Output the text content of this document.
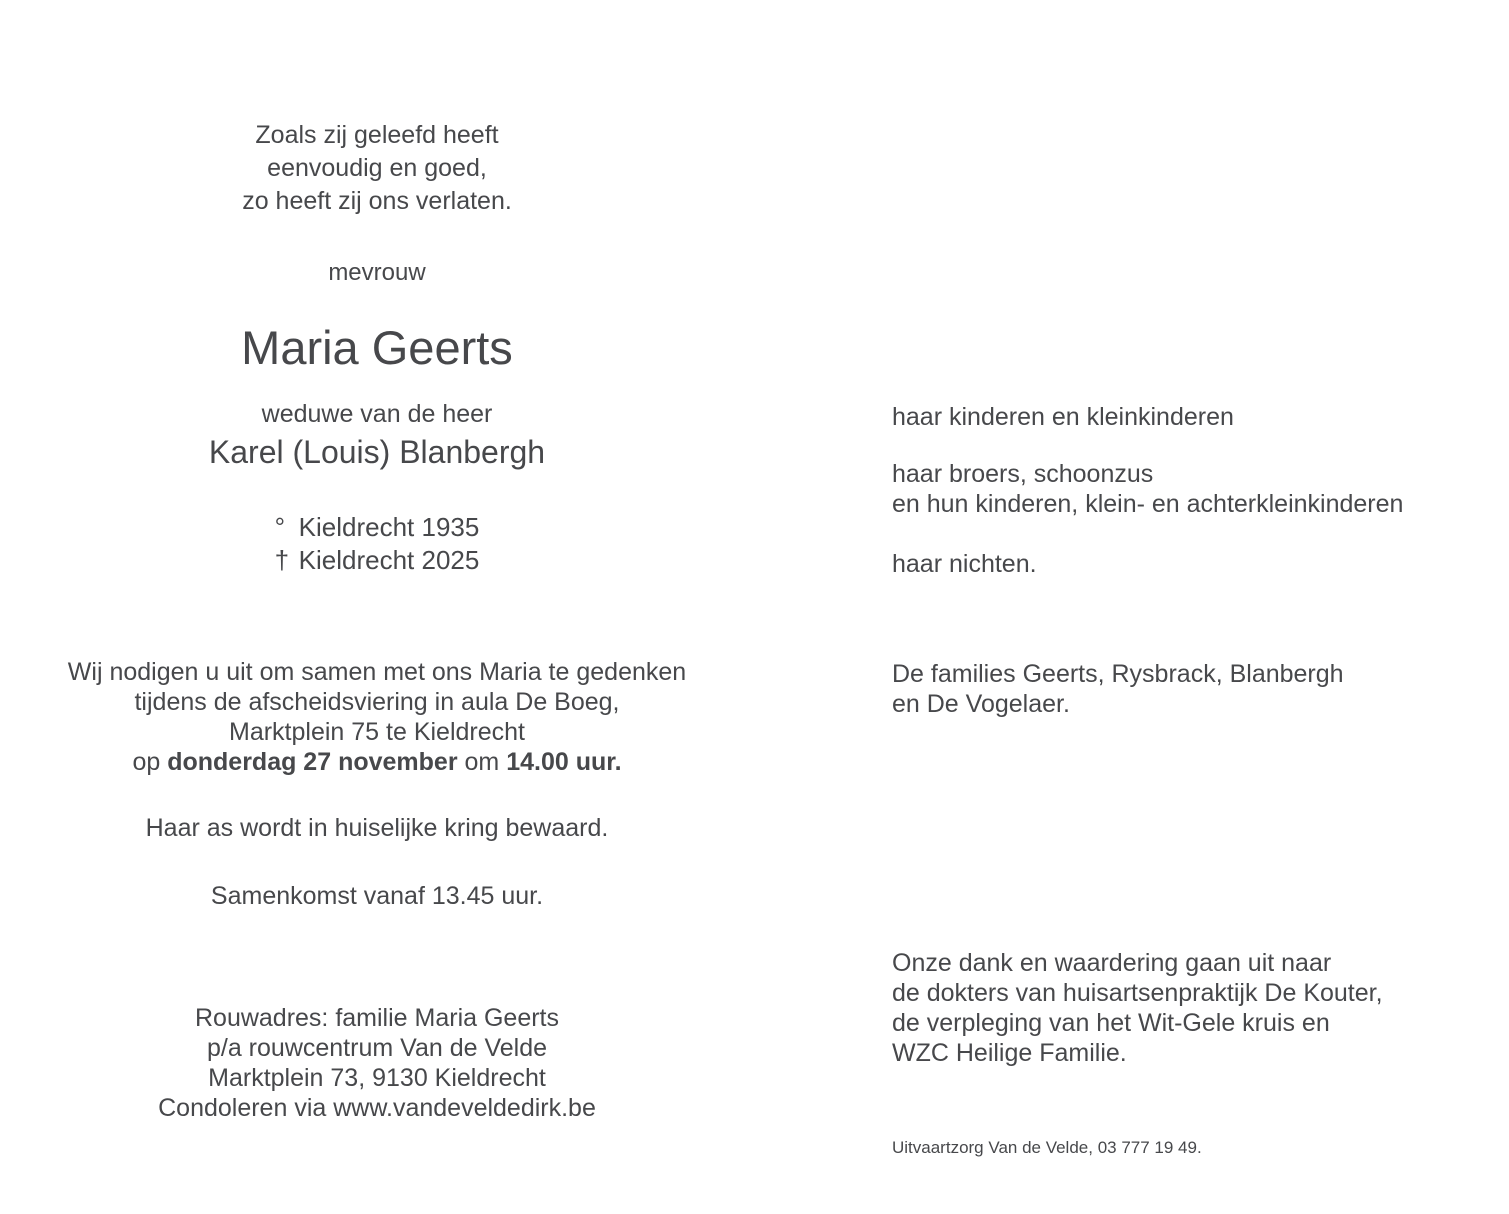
Zoals zij geleefd heeft
eenvoudig en goed,
zo heeft zij ons verlaten.
mevrouw
Maria Geerts
weduwe van de heer
Karel (Louis) Blanbergh
° Kieldrecht 1935
† Kieldrecht 2025
Wij nodigen u uit om samen met ons Maria te gedenken
tijdens de afscheidsviering in aula De Boeg,
Marktplein 75 te Kieldrecht
op donderdag 27 november om 14.00 uur.
Haar as wordt in huiselijke kring bewaard.
Samenkomst vanaf 13.45 uur.
Rouwadres: familie Maria Geerts
p/a rouwcentrum Van de Velde
Marktplein 73, 9130 Kieldrecht
Condoleren via www.vandeveldedirk.be
haar kinderen en kleinkinderen
haar broers, schoonzus
en hun kinderen, klein- en achterkleinkinderen
haar nichten.
De families Geerts, Rysbrack, Blanbergh
en De Vogelaer.
Onze dank en waardering gaan uit naar
de dokters van huisartsenpraktijk De Kouter,
de verpleging van het Wit-Gele kruis en
WZC Heilige Familie.
Uitvaartzorg Van de Velde, 03 777 19 49.
